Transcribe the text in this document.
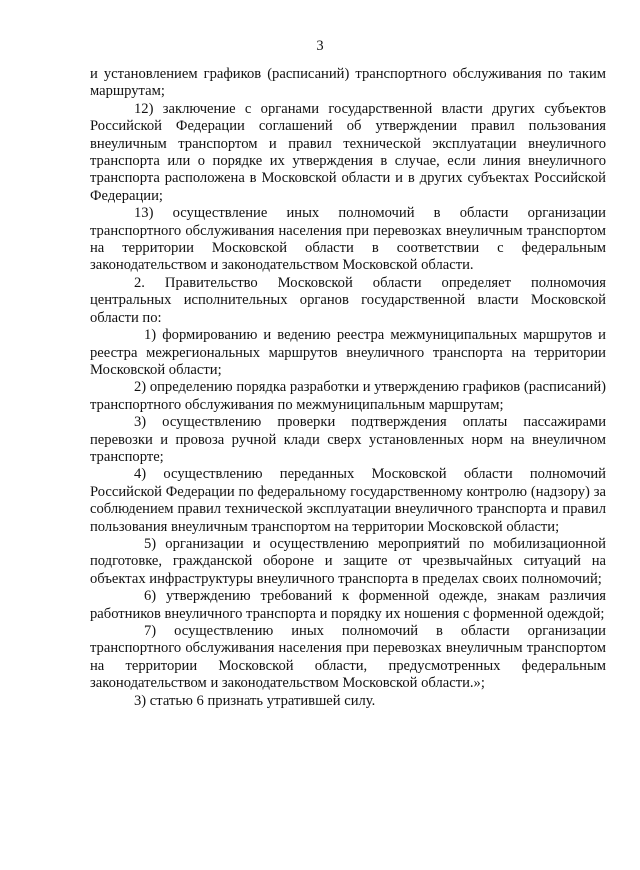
3

и установлением графиков (расписаний) транспортного обслуживания по таким маршрутам;

12) заключение с органами государственной власти других субъектов Российской Федерации соглашений об утверждении правил пользования внеуличным транспортом и правил технической эксплуатации внеуличного транспорта или о порядке их утверждения в случае, если линия внеуличного транспорта расположена в Московской области и в других субъектах Российской Федерации;

13) осуществление иных полномочий в области организации транспортного обслуживания населения при перевозках внеуличным транспортом на территории Московской области в соответствии с федеральным законодательством и законодательством Московской области.

2. Правительство Московской области определяет полномочия центральных исполнительных органов государственной власти Московской области по:

1) формированию и ведению реестра межмуниципальных маршрутов и реестра межрегиональных маршрутов внеуличного транспорта на территории Московской области;

2) определению порядка разработки и утверждению графиков (расписаний) транспортного обслуживания по межмуниципальным маршрутам;

3) осуществлению проверки подтверждения оплаты пассажирами перевозки и провоза ручной клади сверх установленных норм на внеуличном транспорте;

4) осуществлению переданных Московской области полномочий Российской Федерации по федеральному государственному контролю (надзору) за соблюдением правил технической эксплуатации внеуличного транспорта и правил пользования внеуличным транспортом на территории Московской области;

5) организации и осуществлению мероприятий по мобилизационной подготовке, гражданской обороне и защите от чрезвычайных ситуаций на объектах инфраструктуры внеуличного транспорта в пределах своих полномочий;

6) утверждению требований к форменной одежде, знакам различия работников внеуличного транспорта и порядку их ношения с форменной одеждой;

7) осуществлению иных полномочий в области организации транспортного обслуживания населения при перевозках внеуличным транспортом на территории Московской области, предусмотренных федеральным законодательством и законодательством Московской области.»;

3) статью 6 признать утратившей силу.
